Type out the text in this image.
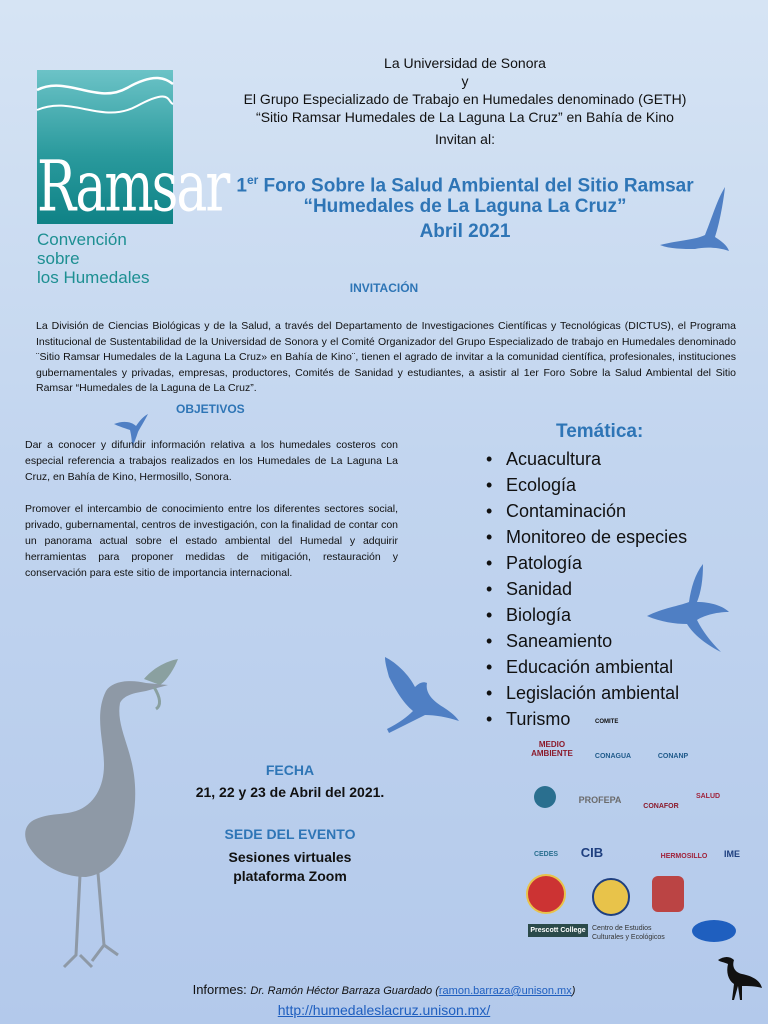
Ramsar
Convención sobre
los Humedales
La Universidad de Sonora
y
El Grupo Especializado de Trabajo en Humedales denominado (GETH)
“Sitio Ramsar Humedales de La Laguna La Cruz” en Bahía de Kino
Invitan al:
1er Foro Sobre la Salud Ambiental del Sitio Ramsar
“Humedales de La Laguna La Cruz”
Abril 2021
INVITACIÓN
La División de Ciencias Biológicas y de la Salud, a través del Departamento de Investigaciones Científicas y Tecnológicas (DICTUS), el Programa Institucional de Sustentabilidad de la Universidad de Sonora y el Comité Organizador del Grupo Especializado de trabajo en Humedales denominado ¨Sitio Ramsar Humedales de la Laguna La Cruz» en Bahía de Kino¨, tienen el agrado de invitar a la comunidad científica, profesionales, instituciones gubernamentales y privadas, empresas, productores, Comités de Sanidad y estudiantes, a asistir al 1er Foro Sobre la Salud Ambiental del Sitio Ramsar “Humedales de la Laguna de La Cruz”.
OBJETIVOS

Dar a conocer y difundir información relativa a los humedales costeros con especial referencia a trabajos realizados en los Humedales de La Laguna La Cruz, en Bahía de Kino, Hermosillo, Sonora.

Promover el intercambio de conocimiento entre los diferentes sectores social, privado, gubernamental, centros de investigación, con la finalidad de contar con un panorama actual sobre el estado ambiental del Humedal y adquirir herramientas para proponer medidas de mitigación, restauración y conservación para este sitio de importancia internacional.

Temática:
• Acuacultura
• Ecología
• Contaminación
• Monitoreo de especies
• Patología
• Sanidad
• Biología
• Saneamiento
• Educación ambiental
• Legislación ambiental
• Turismo
FECHA
21, 22 y 23 de Abril del 2021.
SEDE DEL EVENTO
Sesiones virtuales
plataforma Zoom
COMITE
MEDIO AMBIENTE	CONAGUA	CONANP
PROFEPA
CONAFOR
SALUD
CEDES	CIB	HERMOSILLO	IME
Prescott College Centro de Estudios Culturales y Ecológicos
Informes: Dr. Ramón Héctor Barraza Guardado (ramon.barraza@unison.mx)
http://humedaleslacruz.unison.mx/
